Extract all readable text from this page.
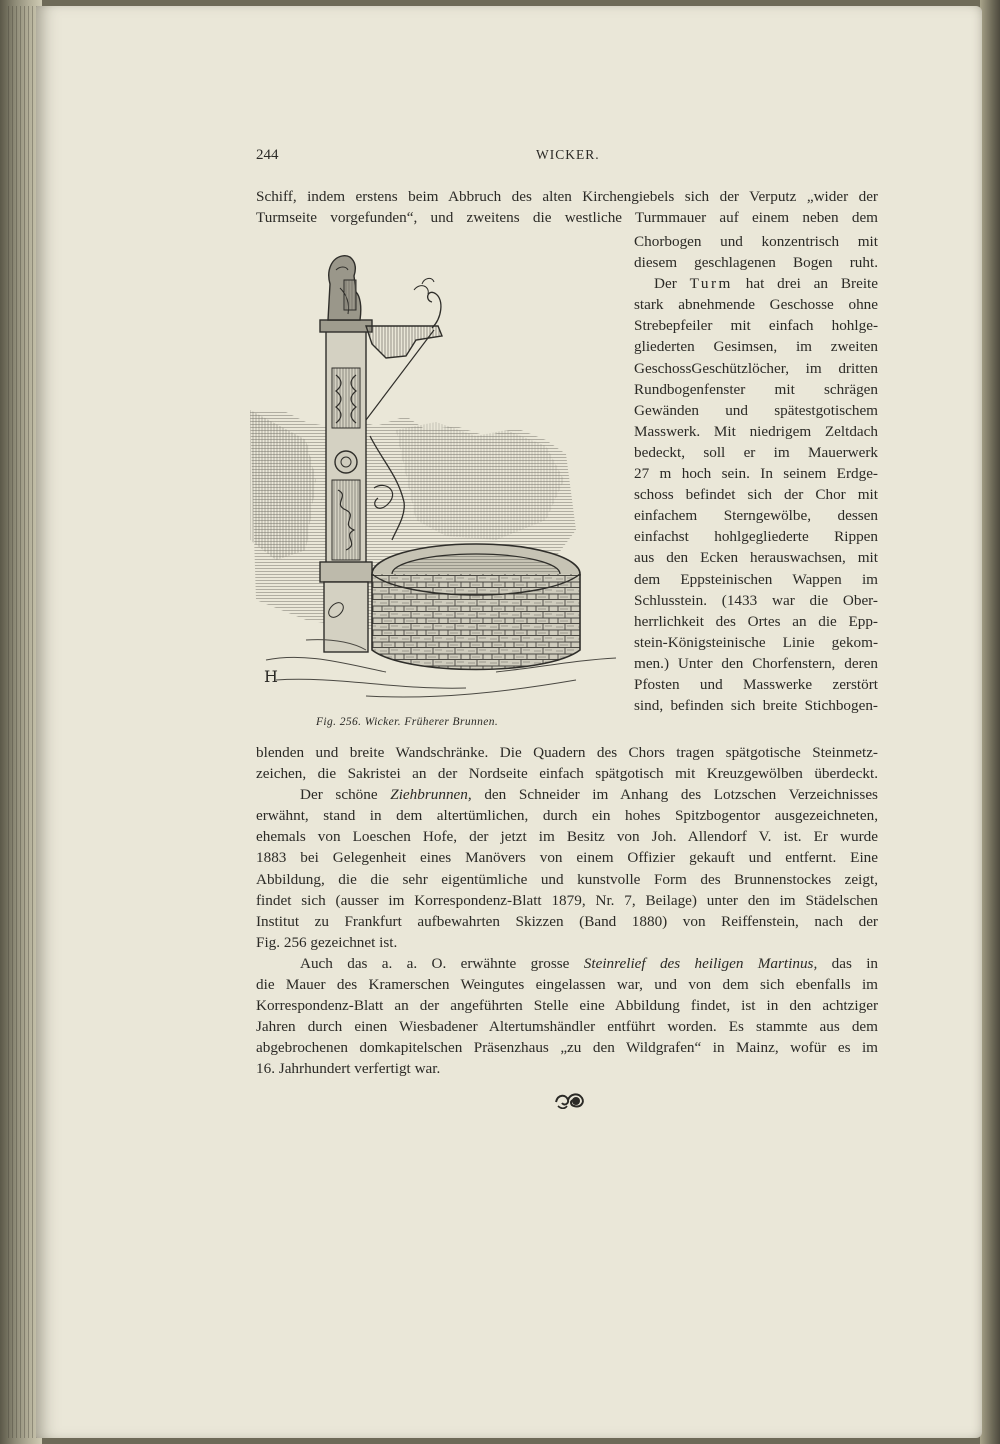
244	WICKER.
Schiff, indem erstens beim Abbruch des alten Kirchengiebels sich der Verputz „wider der
Turmseite vorgefunden“, und zweitens die westliche Turmmauer auf einem neben dem
Chorbogen und konzentrisch mit
diesem geschlagenen Bogen ruht.
Der Turm hat drei an Breite
stark abnehmende Geschosse ohne
Strebepfeiler mit einfach hohlge-
gliederten Gesimsen, im zweiten
GeschossGeschützlöcher, im dritten
Rundbogenfenster mit schrägen
Gewänden und spätestgotischem
Masswerk. Mit niedrigem Zeltdach
bedeckt, soll er im Mauerwerk
27 m hoch sein. In seinem Erdge-
schoss befindet sich der Chor mit
einfachem Sterngewölbe, dessen
einfachst hohlgegliederte Rippen
aus den Ecken herauswachsen, mit
dem Eppsteinischen Wappen im
Schlusstein. (1433 war die Ober-
herrlichkeit des Ortes an die Epp-
stein-Königsteinische Linie gekom-
men.) Unter den Chorfenstern, deren
Pfosten und Masswerke zerstört
sind, befinden sich breite Stichbogen-
H
Fig. 256. Wicker. Früherer Brunnen.
blenden und breite Wandschränke. Die Quadern des Chors tragen spätgotische Steinmetz-
zeichen, die Sakristei an der Nordseite einfach spätgotisch mit Kreuzgewölben überdeckt.
Der schöne Ziehbrunnen, den Schneider im Anhang des Lotzschen Verzeichnisses
erwähnt, stand in dem altertümlichen, durch ein hohes Spitzbogentor ausgezeichneten,
ehemals von Loeschen Hofe, der jetzt im Besitz von Joh. Allendorf V. ist. Er wurde
1883 bei Gelegenheit eines Manövers von einem Offizier gekauft und entfernt. Eine
Abbildung, die die sehr eigentümliche und kunstvolle Form des Brunnenstockes zeigt,
findet sich (ausser im Korrespondenz-Blatt 1879, Nr. 7, Beilage) unter den im Städelschen
Institut zu Frankfurt aufbewahrten Skizzen (Band 1880) von Reiffenstein, nach der
Fig. 256 gezeichnet ist.
Auch das a. a. O. erwähnte grosse Steinrelief des heiligen Martinus, das in
die Mauer des Kramerschen Weingutes eingelassen war, und von dem sich ebenfalls im
Korrespondenz-Blatt an der angeführten Stelle eine Abbildung findet, ist in den achtziger
Jahren durch einen Wiesbadener Altertumshändler entführt worden. Es stammte aus dem
abgebrochenen domkapitelschen Präsenzhaus „zu den Wildgrafen“ in Mainz, wofür es im
16. Jahrhundert verfertigt war.
